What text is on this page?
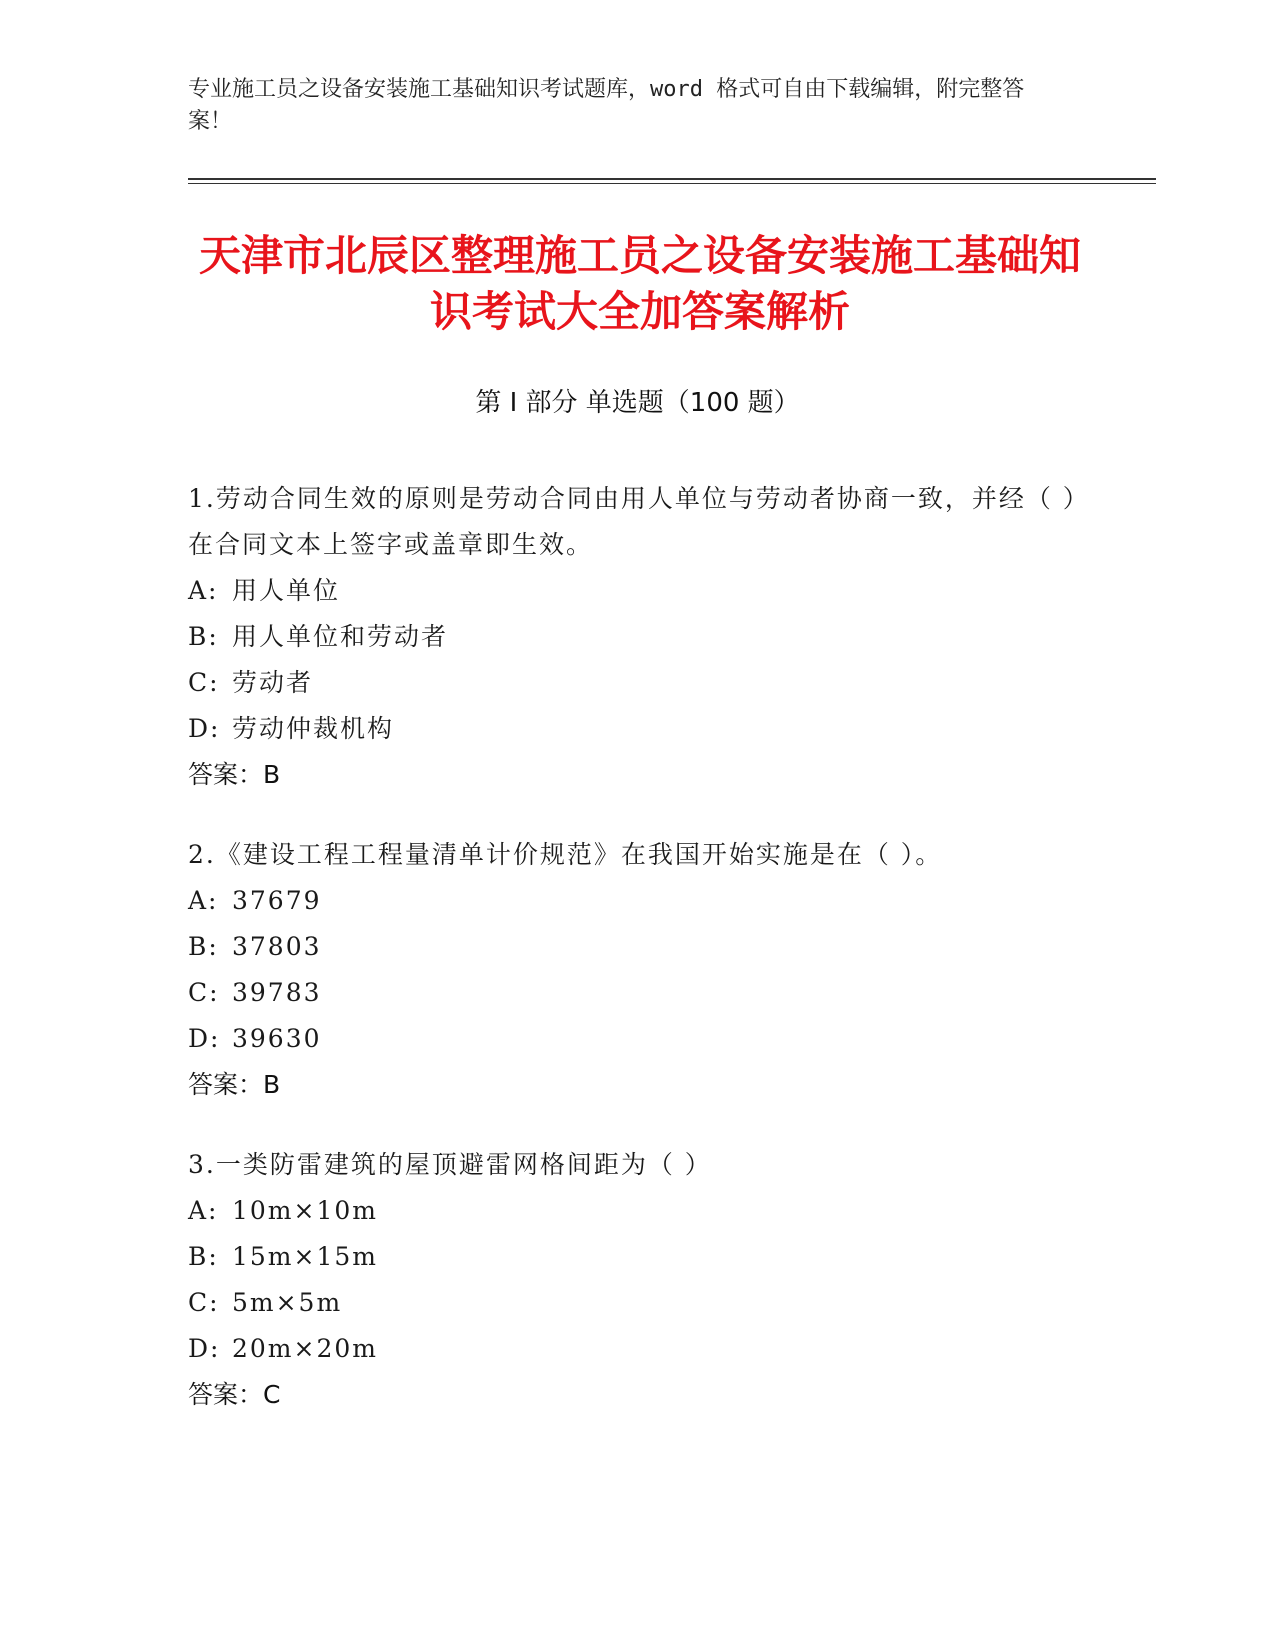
专业施工员之设备安装施工基础知识考试题库，word 格式可自由下载编辑，附完整答案！
天津市北辰区整理施工员之设备安装施工基础知识考试大全加答案解析
第 I 部分 单选题（100 题）
1.劳动合同生效的原则是劳动合同由用人单位与劳动者协商一致，并经（ ）在合同文本上签字或盖章即生效。
A: 用人单位
B: 用人单位和劳动者
C: 劳动者
D: 劳动仲裁机构
答案：B
2.《建设工程工程量清单计价规范》在我国开始实施是在（ ）。
A: 37679
B: 37803
C: 39783
D: 39630
答案：B
3.一类防雷建筑的屋顶避雷网格间距为（ ）
A: 10m×10m
B: 15m×15m
C: 5m×5m
D: 20m×20m
答案：C
